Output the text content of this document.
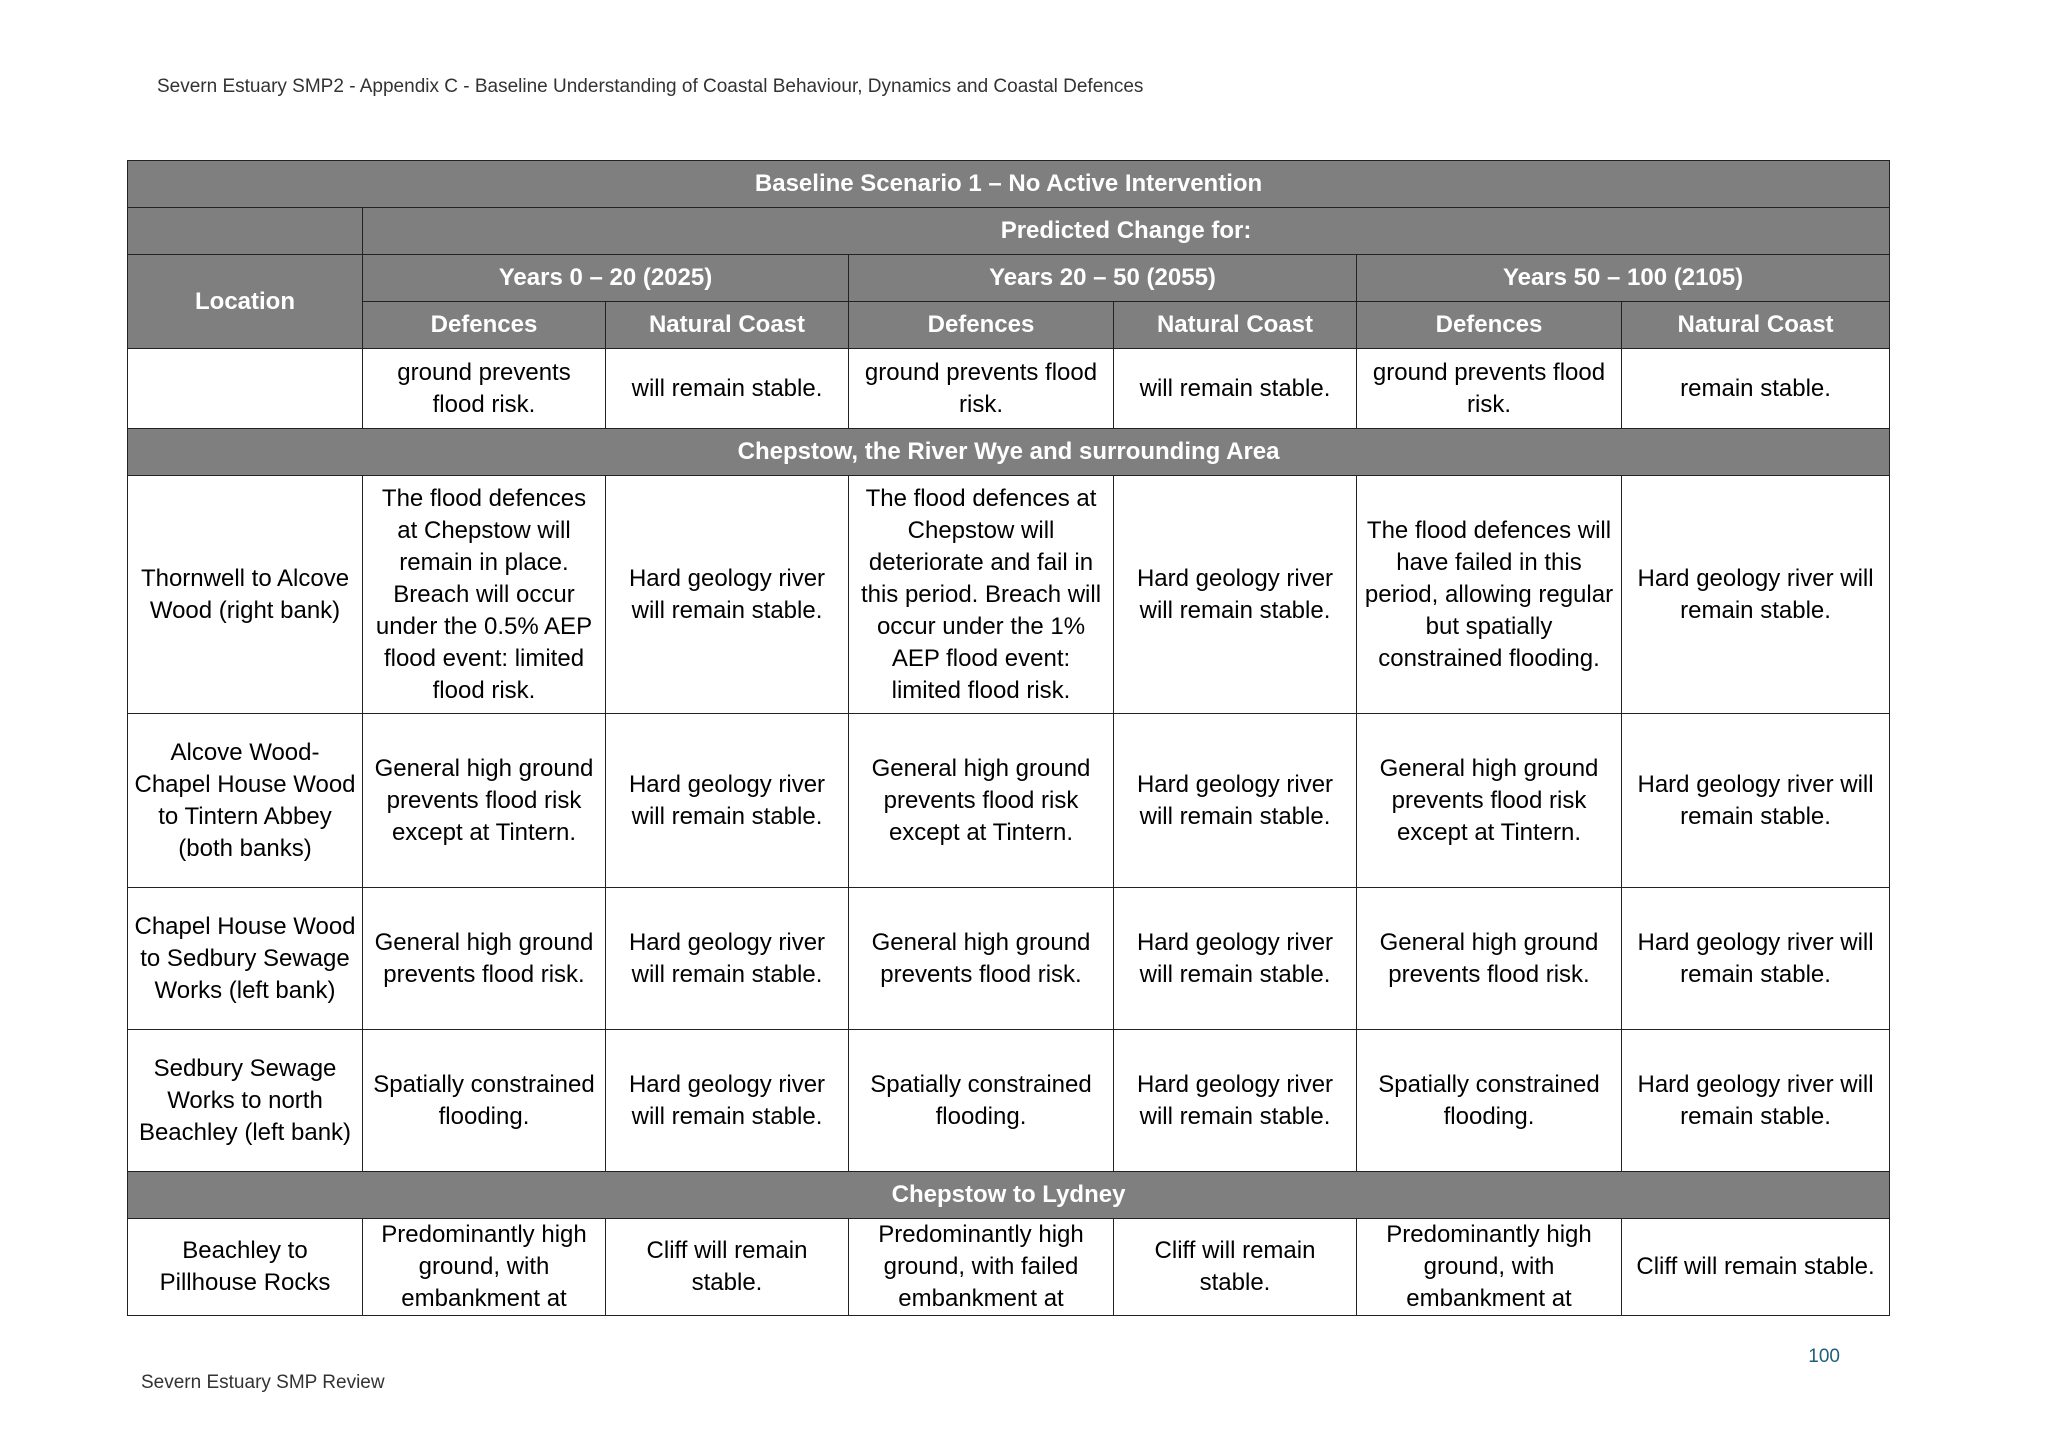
Severn Estuary SMP2 - Appendix C - Baseline Understanding of Coastal Behaviour, Dynamics and Coastal Defences
Baseline Scenario 1 – No Active Intervention						
	Predicted Change for:					
Location	Years 0 – 20 (2025)		Years 20 – 50 (2055)		Years 50 – 100 (2105)	
	Defences	Natural Coast	Defences	Natural Coast	Defences	Natural Coast
	ground prevents flood risk.	will remain stable.	ground prevents flood risk.	will remain stable.	ground prevents flood risk.	remain stable.
Chepstow, the River Wye and surrounding Area						
Thornwell to Alcove Wood (right bank)	The flood defences at Chepstow will remain in place. Breach will occur under the 0.5% AEP flood event: limited flood risk.	Hard geology river will remain stable.	The flood defences at Chepstow will deteriorate and fail in this period. Breach will occur under the 1% AEP flood event: limited flood risk.	Hard geology river will remain stable.	The flood defences will have failed in this period, allowing regular but spatially constrained flooding.	Hard geology river will remain stable.
Alcove Wood- Chapel House Wood to Tintern Abbey (both banks)	General high ground prevents flood risk except at Tintern.	Hard geology river will remain stable.	General high ground prevents flood risk except at Tintern.	Hard geology river will remain stable.	General high ground prevents flood risk except at Tintern.	Hard geology river will remain stable.
Chapel House Wood to Sedbury Sewage Works (left bank)	General high ground prevents flood risk.	Hard geology river will remain stable.	General high ground prevents flood risk.	Hard geology river will remain stable.	General high ground prevents flood risk.	Hard geology river will remain stable.
Sedbury Sewage Works to north Beachley (left bank)	Spatially constrained flooding.	Hard geology river will remain stable.	Spatially constrained flooding.	Hard geology river will remain stable.	Spatially constrained flooding.	Hard geology river will remain stable.
Chepstow to Lydney						
Beachley to Pillhouse Rocks	Predominantly high ground, with embankment at	Cliff will remain stable.	Predominantly high ground, with failed embankment at	Cliff will remain stable.	Predominantly high ground, with embankment at	Cliff will remain stable.
100
Severn Estuary SMP Review
